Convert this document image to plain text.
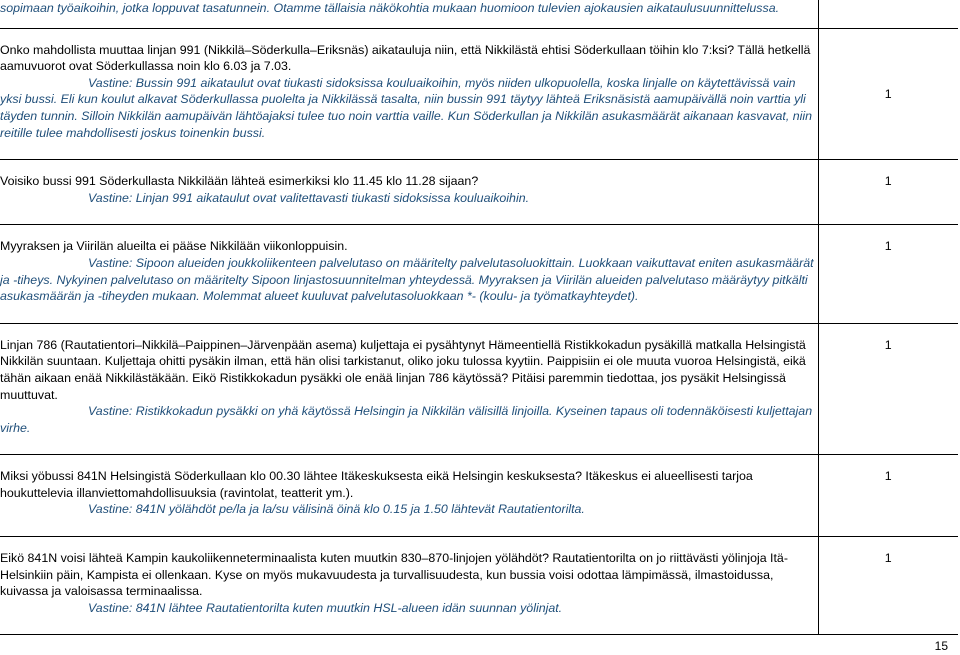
sopimaan työaikoihin, jotka loppuvat tasatunnein. Otamme tällaisia näkökohtia mukaan huomioon tulevien ajokausien aikataulusuunnittelussa.	

Onko mahdollista muuttaa linjan 991 (Nikkilä–Söderkulla–Eriksnäs) aikatauluja niin, että Nikkilästä ehtisi Söderkullaan töihin klo 7:ksi? Tällä hetkellä aamuvuorot ovat Söderkullassa noin klo 6.03 ja 7.03.
Vastine: Bussin 991 aikataulut ovat tiukasti sidoksissa kouluaikoihin, myös niiden ulkopuolella, koska linjalle on käytettävissä vain yksi bussi. Eli kun koulut alkavat Söderkullassa puolelta ja Nikkilässä tasalta, niin bussin 991 täytyy lähteä Eriksnäsistä aamupäivällä noin varttia yli täyden tunnin. Silloin Nikkilän aamupäivän lähtöajaksi tulee tuo noin varttia vaille. Kun Söderkullan ja Nikkilän asukasmäärät aikanaan kasvavat, niin reitille tulee mahdollisesti joskus toinenkin bussi.	1

Voisiko bussi 991 Söderkullasta Nikkilään lähteä esimerkiksi klo 11.45 klo 11.28 sijaan?
Vastine: Linjan 991 aikataulut ovat valitettavasti tiukasti sidoksissa kouluaikoihin.	1

Myyraksen ja Viirilän alueilta ei pääse Nikkilään viikonloppuisin.
Vastine: Sipoon alueiden joukkoliikenteen palvelutaso on määritelty palvelutasoluokittain. Luokkaan vaikuttavat eniten asukasmäärät ja -tiheys. Nykyinen palvelutaso on määritelty Sipoon linjastosuunnitelman yhteydessä. Myyraksen ja Viirilän alueiden palvelutaso määräytyy pitkälti asukasmäärän ja -tiheyden mukaan. Molemmat alueet kuuluvat palvelutasoluokkaan *- (koulu- ja työmatkayhteydet).	1

Linjan 786 (Rautatientori–Nikkilä–Paippinen–Järvenpään asema) kuljettaja ei pysähtynyt Hämeentiellä Ristikkokadun pysäkillä matkalla Helsingistä Nikkilän suuntaan. Kuljettaja ohitti pysäkin ilman, että hän olisi tarkistanut, oliko joku tulossa kyytiin. Paippisiin ei ole muuta vuoroa Helsingistä, eikä tähän aikaan enää Nikkilästäkään. Eikö Ristikkokadun pysäkki ole enää linjan 786 käytössä? Pitäisi paremmin tiedottaa, jos pysäkit Helsingissä muuttuvat.
Vastine: Ristikkokadun pysäkki on yhä käytössä Helsingin ja Nikkilän välisillä linjoilla. Kyseinen tapaus oli todennäköisesti kuljettajan virhe.	1

Miksi yöbussi 841N Helsingistä Söderkullaan klo 00.30 lähtee Itäkeskuksesta eikä Helsingin keskuksesta? Itäkeskus ei alueellisesti tarjoa houkuttelevia illanviettomahdollisuuksia (ravintolat, teatterit ym.).
Vastine: 841N yölähdöt pe/la ja la/su välisinä öinä klo 0.15 ja 1.50 lähtevät Rautatientorilta.	1

Eikö 841N voisi lähteä Kampin kaukoliikenneterminaalista kuten muutkin 830–870-linjojen yölähdöt? Rautatientorilta on jo riittävästi yölinjoja Itä-Helsinkiin päin, Kampista ei ollenkaan. Kyse on myös mukavuudesta ja turvallisuudesta, kun bussia voisi odottaa lämpimässä, ilmastoidussa, kuivassa ja valoisassa terminaalissa.
Vastine: 841N lähtee Rautatientorilta kuten muutkin HSL-alueen idän suunnan yölinjat.	1
15
